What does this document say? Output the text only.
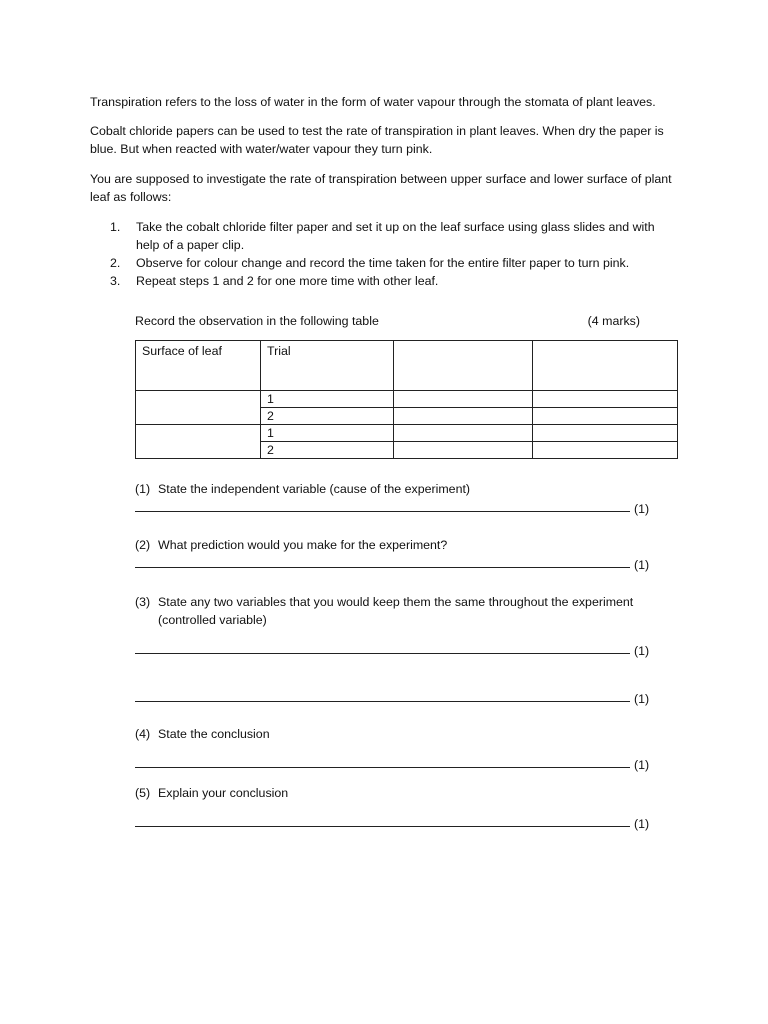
Transpiration refers to the loss of water in the form of water vapour through the stomata of plant leaves.

Cobalt chloride papers can be used to test the rate of transpiration in plant leaves. When dry the paper is blue. But when reacted with water/water vapour they turn pink.

You are supposed to investigate the rate of transpiration between upper surface and lower surface of plant leaf as follows:

1. Take the cobalt chloride filter paper and set it up on the leaf surface using glass slides and with help of a paper clip.
2. Observe for colour change and record the time taken for the entire filter paper to turn pink.
3. Repeat steps 1 and 2 for one more time with other leaf.
Record the observation in the following table	(4 marks)
Surface of leaf	Trial		
	1		
	2		
	1		
	2		
(1) State the independent variable (cause of the experiment)
(1)
(2) What prediction would you make for the experiment?
(1)
(3) State any two variables that you would keep them the same throughout the experiment (controlled variable)
(1)
(1)
(4) State the conclusion
(1)
(5) Explain your conclusion
(1)
